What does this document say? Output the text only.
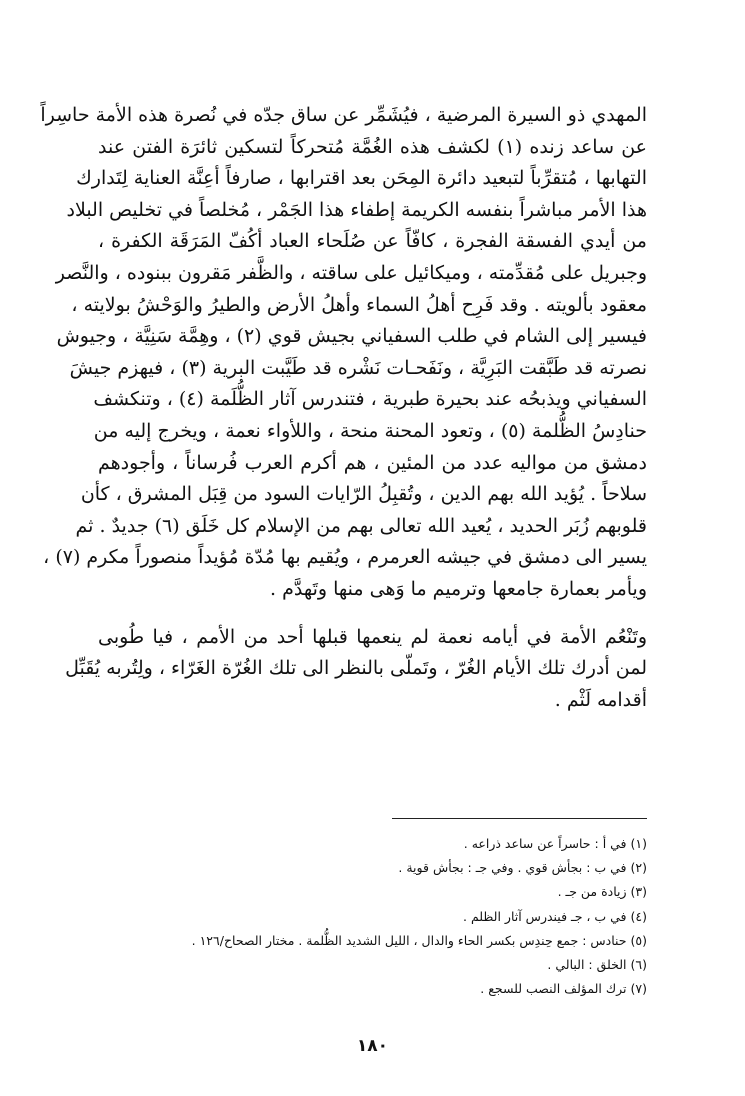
المهدي ذو السيرة المرضية ، فيُشَمِّر عن ساق جدّه في نُصرة هذه الأمة حاسِراً
عن ساعد زنده (١) لكشف هذه الغُمَّة مُتحركاً لتسكين ثائرَة الفتن عند
التهابها ، مُتقرِّباً لتبعيد دائرة المِحَن بعد اقترابها ، صارفاً أعِنَّة العناية لِتَدارك
هذا الأمر مباشراً بنفسه الكريمة إطفاء هذا الجَمْر ، مُخلصاً في تخليص البلاد
من أيدي الفسقة الفجرة ، كافّاً عن صُلَحاء العباد أكُفّ المَرَقَة الكفرة ،
وجبريل على مُقدِّمته ، وميكائيل على ساقته ، والظَّفر مَقرون ببنوده ، والنَّصر
معقود بألويته . وقد فَرِح أهلُ السماء وأهلُ الأرض والطيرُ والوَحْشُ بولايته ،
فيسير إلى الشام في طلب السفياني بجيش قوي (٢) ، وهِمَّة سَنِيَّة ، وجيوش
نصرته قد طَبَّقت البَرِيَّة ، ونَفَحـات نَشْره قد طَيَّبت البرية (٣) ، فيهزم جيشَ
السفياني ويذبحُه عند بحيرة طبرية ، فتندرس آثار الظُّلَمة (٤) ، وتنكشف
حنادِسُ الظُّلمة (٥) ، وتعود المحنة منحة ، واللأواء نعمة ، ويخرج إليه من
دمشق من مواليه عدد من المئين ، هم أكرم العرب فُرساناً ، وأجودهم
سلاحاً . يُؤيد الله بهم الدين ، وتُقبِلُ الرّايات السود من قِبَل المشرق ، كأن
قلوبهم زُبَر الحديد ، يُعيد الله تعالى بهم من الإسلام كل خَلَق (٦) جديدٌ . ثم
يسير الى دمشق في جيشه العرمرم ، ويُقيم بها مُدّة مُؤيداً منصوراً مكرم (٧) ،
ويأمر بعمارة جامعها وترميم ما وَهى منها وتَهدَّم .

وتَنْعُم الأمة في أيامه نعمة لم ينعمها قبلها أحد من الأمم ، فيا طُوبى
لمن أدرك تلك الأيام الغُرّ ، وتَملّى بالنظر الى تلك الغُرّة الغَرّاء ، ولِتُربه يُقَبِّل
أقدامه لَثْم .

(١) في أ : حاسراً عن ساعد ذراعه .
(٢) في ب : بجأش قوي . وفي جـ : بجأش قوية .
(٣) زيادة من جـ .
(٤) في ب ، جـ فيندرس آثار الظلم .
(٥) حنادس : جمع حِندِس بكسر الحاء والدال ، الليل الشديد الظُّلمة . مختار الصحاح/١٢٦ .
(٦) الخلق : البالي .
(٧) ترك المؤلف النصب للسجع .
١٨٠
